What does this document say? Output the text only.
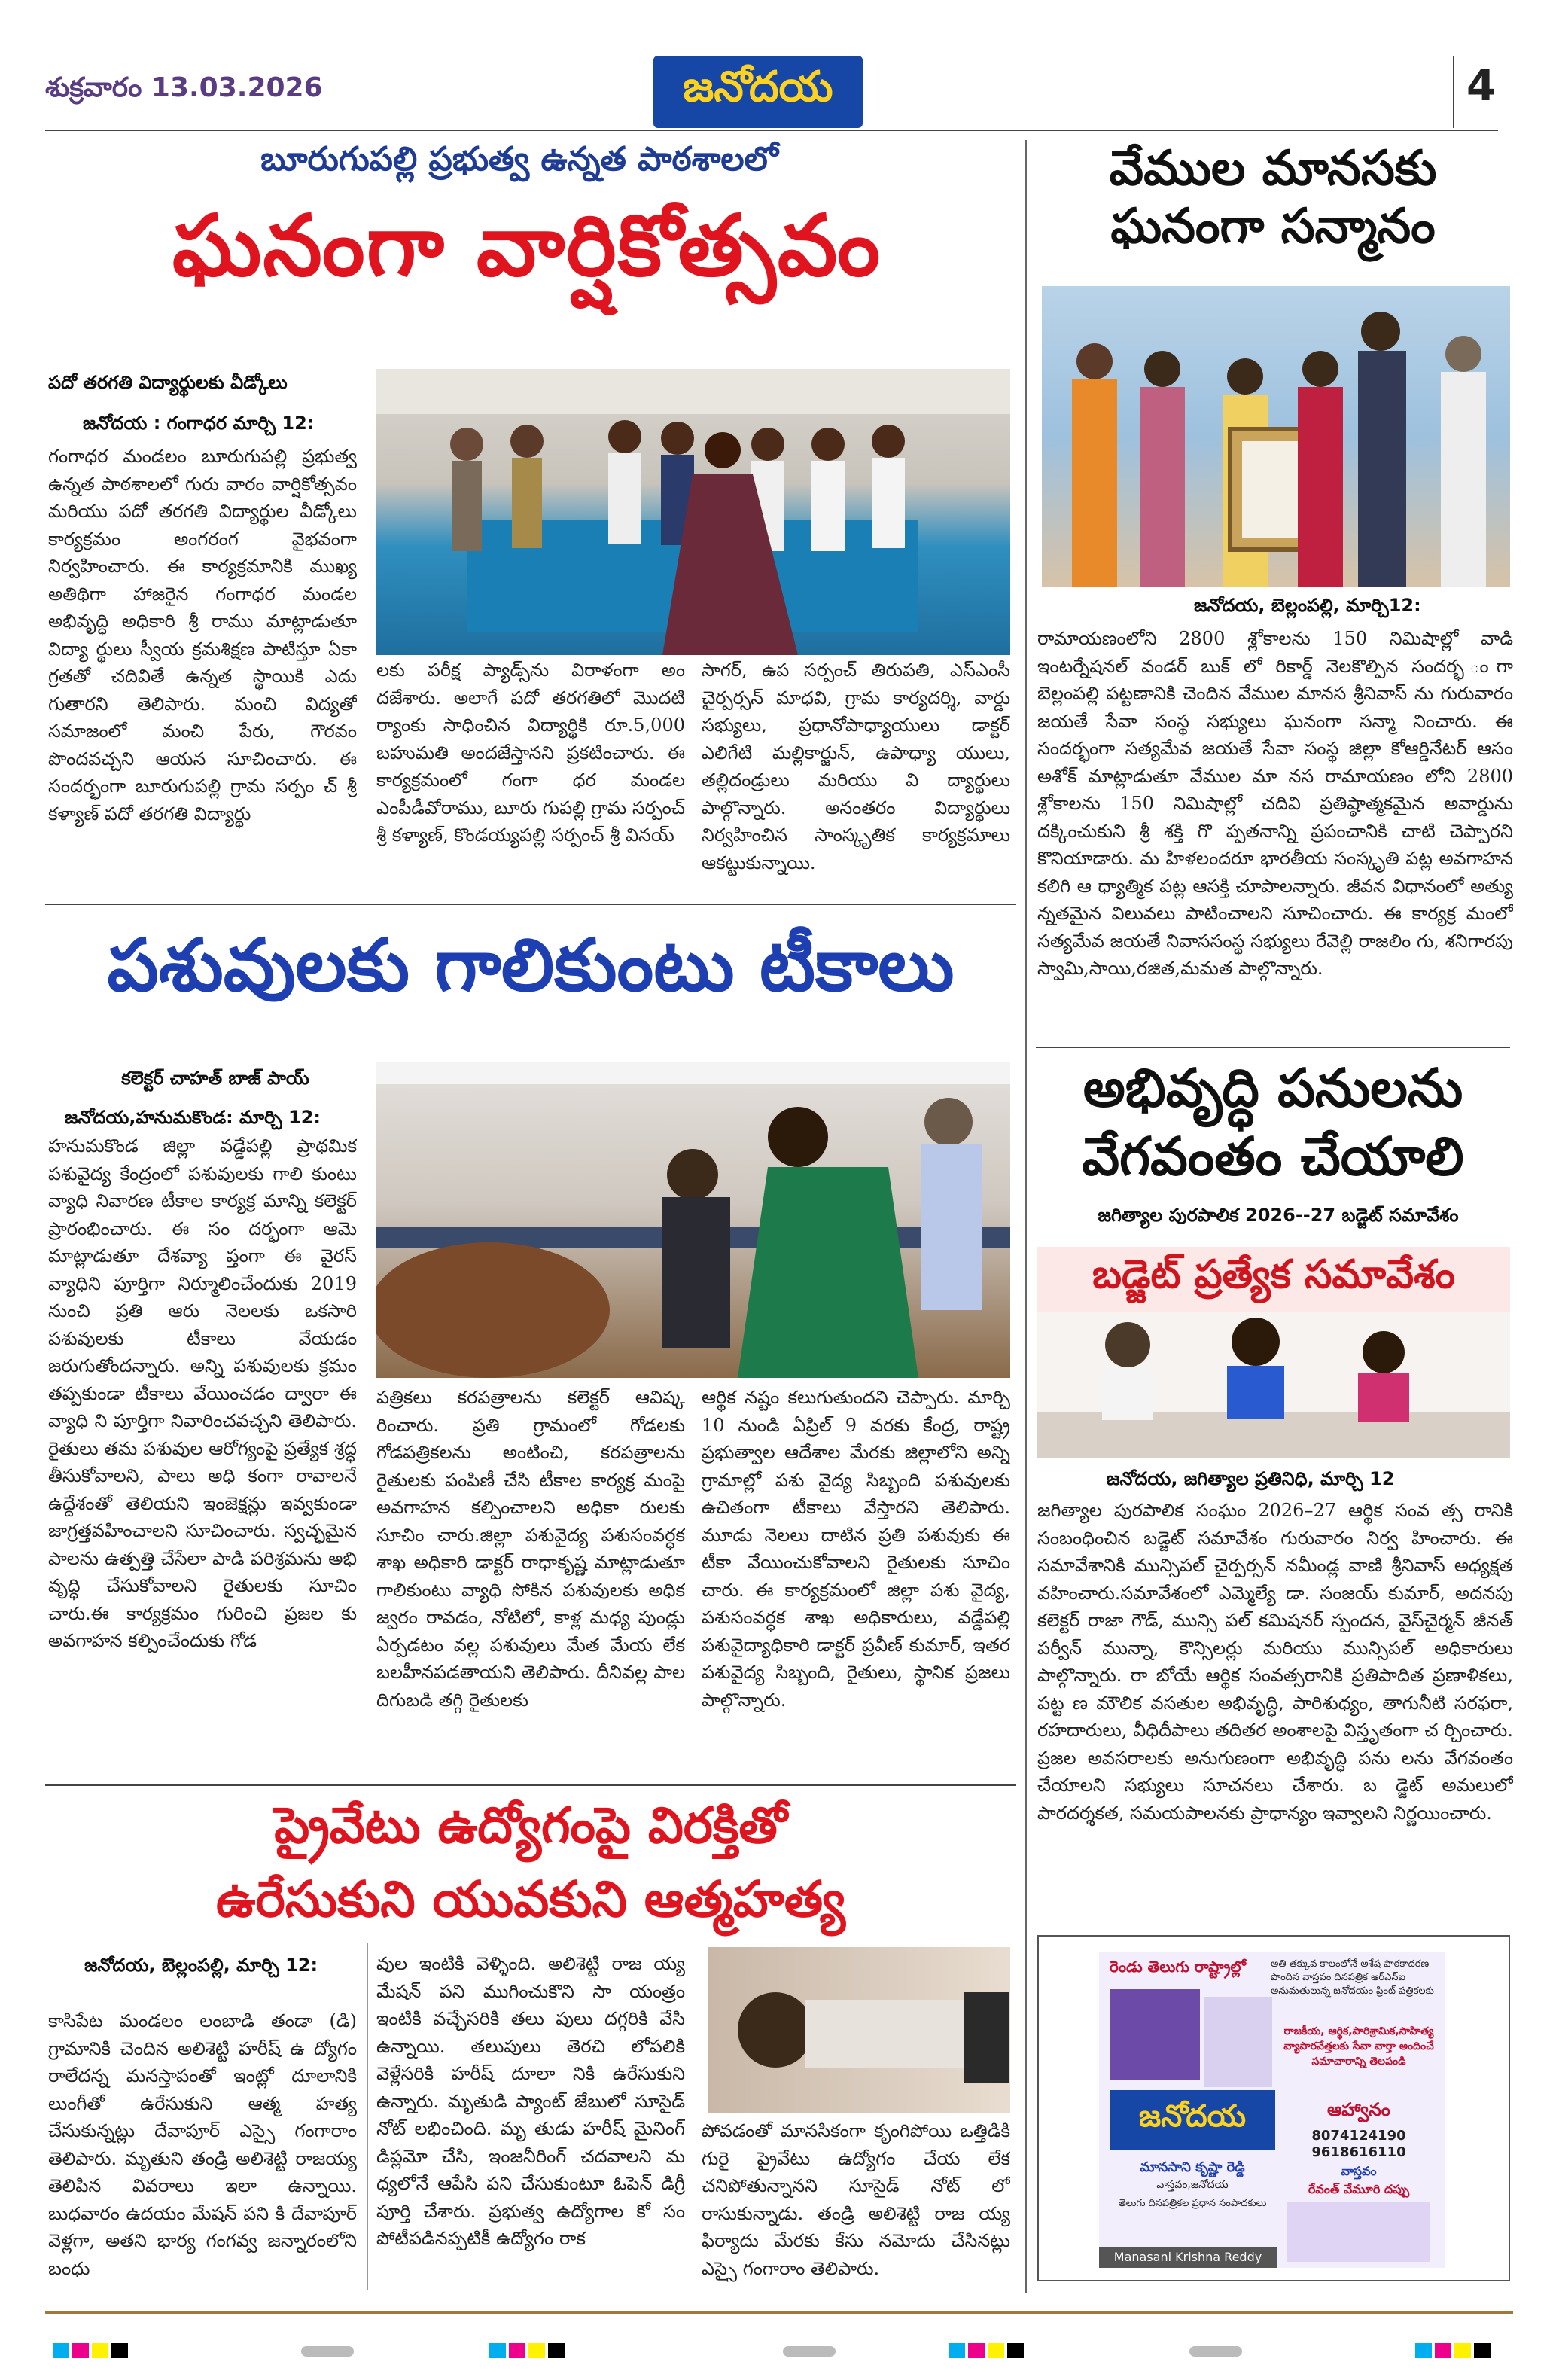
శుక్రవారం 13.03.2026	జనోదయ	4
బూరుగుపల్లి ప్రభుత్వ ఉన్నత పాఠశాలలో
ఘనంగా వార్షికోత్సవం
పదో తరగతి విద్యార్థులకు వీడ్కోలు
జనోదయ : గంగాధర మార్చి 12:
గంగాధర మండలం బూరుగుపల్లి ప్రభుత్వ ఉన్నత పాఠశాలలో గురు వారం వార్షికోత్సవం మరియు పదో తరగతి విద్యార్థుల వీడ్కోలు కార్యక్రమం అంగరంగ వైభవంగా నిర్వహించారు. ఈ కార్యక్రమానికి ముఖ్య అతిథిగా హాజరైన గంగాధర మండల అభివృద్ధి అధికారి శ్రీ రాము మాట్లాడుతూ విద్యా ర్థులు స్వీయ క్రమశిక్షణ పాటిస్తూ ఏకా గ్రతతో చదివితే ఉన్నత స్థాయికి ఎదు గుతారని తెలిపారు. మంచి విద్యతో సమాజంలో మంచి పేరు, గౌరవం పొందవచ్చని ఆయన సూచించారు. ఈ సందర్భంగా బూరుగుపల్లి గ్రామ సర్పం చ్ శ్రీ కళ్యాణ్ పదో తరగతి విద్యార్థు
లకు పరీక్ష ప్యాడ్స్‌ను విరాళంగా అం దజేశారు. అలాగే పదో తరగతిలో మొదటి ర్యాంకు సాధించిన విద్యార్థికి రూ.5,000 బహుమతి అందజేస్తానని ప్రకటించారు. ఈ కార్యక్రమంలో గంగా ధర మండల ఎంపీడీవోరాము, బూరు గుపల్లి గ్రామ సర్పంచ్ శ్రీ కళ్యాణ్, కొండయ్యపల్లి సర్పంచ్ శ్రీ వినయ్
సాగర్, ఉప సర్పంచ్ తిరుపతి, ఎస్ఎంసీ చైర్పర్సన్ మాధవి, గ్రామ కార్యదర్శి, వార్డు సభ్యులు, ప్రధానోపాధ్యాయులు డాక్టర్ ఎలిగేటి మల్లికార్జున్, ఉపాధ్యా యులు, తల్లిదండ్రులు మరియు వి ద్యార్థులు పాల్గొన్నారు. అనంతరం విద్యార్థులు నిర్వహించిన సాంస్కృతిక కార్యక్రమాలు ఆకట్టుకున్నాయి.
వేముల మానసకు ఘనంగా సన్మానం
జనోదయ, బెల్లంపల్లి, మార్చి12:
రామాయణంలోని 2800 శ్లోకాలను 150 నిమిషాల్లో వాడి ఇంటర్నేషనల్ వండర్ బుక్ లో రికార్డ్ నెలకొల్పిన సందర్భ ంగా బెల్లంపల్లి పట్టణానికి చెందిన వేముల మానస శ్రీనివాస్ ను గురువారం జయతే సేవా సంస్థ సభ్యులు ఘనంగా సన్మా నించారు. ఈ సందర్భంగా సత్యమేవ జయతే సేవా సంస్థ జిల్లా కోఆర్డినేటర్ ఆసం అశోక్ మాట్లాడుతూ వేముల మా నస రామాయణం లోని 2800 శ్లోకాలను 150 నిమిషాల్లో చదివి ప్రతిష్ఠాత్మకమైన అవార్డును దక్కించుకుని శ్రీ శక్తి గొ ప్పతనాన్ని ప్రపంచానికి చాటి చెప్పారని కొనియాడారు. మ హిళలందరూ భారతీయ సంస్కృతి పట్ల అవగాహన కలిగి ఆ ధ్యాత్మిక పట్ల ఆసక్తి చూపాలన్నారు. జీవన విధానంలో అత్యు న్నతమైన విలువలు పాటించాలని సూచించారు. ఈ కార్యక్ర మంలో సత్యమేవ జయతే నివాససంస్థ సభ్యులు రేవెల్లి రాజలిం గు, శనిగారపు స్వామి,సాయి,రజిత,మమత పాల్గొన్నారు.
పశువులకు గాలికుంటు టీకాలు
కలెక్టర్ చాహత్ బాజ్ పాయ్
జనోదయ,హనుమకొండ: మార్చి 12:
హనుమకొండ జిల్లా వడ్డేపల్లి ప్రాథమిక పశువైద్య కేంద్రంలో పశువులకు గాలి కుంటు వ్యాధి నివారణ టీకాల కార్యక్ర మాన్ని కలెక్టర్ ప్రారంభించారు. ఈ సం దర్భంగా ఆమె మాట్లాడుతూ దేశవ్యా ప్తంగా ఈ వైరస్ వ్యాధిని పూర్తిగా నిర్మూలించేందుకు 2019 నుంచి ప్రతి ఆరు నెలలకు ఒకసారి పశువులకు టీకాలు వేయడం జరుగుతోందన్నారు. అన్ని పశువులకు క్రమం తప్పకుండా టీకాలు వేయించడం ద్వారా ఈ వ్యాధి ని పూర్తిగా నివారించవచ్చని తెలిపారు. రైతులు తమ పశువుల ఆరోగ్యంపై ప్రత్యేక శ్రద్ధ తీసుకోవాలని, పాలు అధి కంగా రావాలనే ఉద్దేశంతో తెలియని ఇంజెక్షన్లు ఇవ్వకుండా జాగ్రత్తవహించాలని సూచించారు. స్వచ్ఛమైన పాలను ఉత్పత్తి చేసేలా పాడి పరిశ్రమను అభి వృద్ధి చేసుకోవాలని రైతులకు సూచిం చారు.ఈ కార్యక్రమం గురించి ప్రజల కు అవగాహన కల్పించేందుకు గోడ
పత్రికలు కరపత్రాలను కలెక్టర్ ఆవిష్క రించారు. ప్రతి గ్రామంలో గోడలకు గోడపత్రికలను అంటించి, కరపత్రాలను రైతులకు పంపిణీ చేసి టీకాల కార్యక్ర మంపై అవగాహన కల్పించాలని అధికా రులకు సూచిం చారు.జిల్లా పశువైద్య పశుసంవర్ధక శాఖ అధికారి డాక్టర్ రాధాకృష్ణ మాట్లాడుతూ గాలికుంటు వ్యాధి సోకిన పశువులకు అధిక జ్వరం రావడం, నోటిలో, కాళ్ల మధ్య పుండ్లు ఏర్పడటం వల్ల పశువులు మేత మేయ లేక బలహీనపడతాయని తెలిపారు. దీనివల్ల పాల దిగుబడి తగ్గి రైతులకు
ఆర్థిక నష్టం కలుగుతుందని చెప్పారు. మార్చి 10 నుండి ఏప్రిల్ 9 వరకు కేంద్ర, రాష్ట్ర ప్రభుత్వాల ఆదేశాల మేరకు జిల్లాలోని అన్ని గ్రామాల్లో పశు వైద్య సిబ్బంది పశువులకు ఉచితంగా టీకాలు వేస్తారని తెలిపారు. మూడు నెలలు దాటిన ప్రతి పశువుకు ఈ టీకా వేయించుకోవాలని రైతులకు సూచిం చారు. ఈ కార్యక్రమంలో జిల్లా పశు వైద్య, పశుసంవర్ధక శాఖ అధికారులు, వడ్డేపల్లి పశువైద్యాధికారి డాక్టర్ ప్రవీణ్ కుమార్, ఇతర పశువైద్య సిబ్బంది, రైతులు, స్థానిక ప్రజలు పాల్గొన్నారు.
అభివృద్ధి పనులను వేగవంతం చేయాలి
జగిత్యాల పురపాలిక 2026--27 బడ్జెట్ సమావేశం
బడ్జెట్ ప్రత్యేక సమావేశం
జనోదయ, జగిత్యాల ప్రతినిధి, మార్చి 12
జగిత్యాల పురపాలిక సంఘం 2026–27 ఆర్థిక సంవ త్స రానికి సంబంధించిన బడ్జెట్ సమావేశం గురువారం నిర్వ హించారు. ఈ సమావేశానికి మున్సిపల్ చైర్పర్సన్ నమీండ్ల వాణి శ్రీనివాస్ అధ్యక్షత వహించారు.సమావేశంలో ఎమ్మెల్యే డా. సంజయ్ కుమార్, అదనపు కలెక్టర్ రాజా గౌడ్, మున్సి పల్ కమిషనర్ స్పందన, వైస్‌చైర్మన్ జీనత్ పర్వీన్ మున్నా, కౌన్సిలర్లు మరియు మున్సిపల్ అధికారులు పాల్గొన్నారు. రా బోయే ఆర్థిక సంవత్సరానికి ప్రతిపాదిత ప్రణాళికలు, పట్ట ణ మౌలిక వసతుల అభివృద్ధి, పారిశుధ్యం, తాగునీటి సరఫరా, రహదారులు, వీధిదీపాలు తదితర అంశాలపై విస్తృతంగా చ ర్చించారు. ప్రజల అవసరాలకు అనుగుణంగా అభివృద్ధి పను లను వేగవంతం చేయాలని సభ్యులు సూచనలు చేశారు. బ డ్జెట్ అమలులో పారదర్శకత, సమయపాలనకు ప్రాధాన్యం ఇవ్వాలని నిర్ణయించారు.
ప్రైవేటు ఉద్యోగంపై విరక్తితో
ఉరేసుకుని యువకుని ఆత్మహత్య
జనోదయ, బెల్లంపల్లి, మార్చి 12:
కాసిపేట మండలం లంబాడి తండా (డి) గ్రామానికి చెందిన అలిశెట్టి హరీష్ ఉ ద్యోగం రాలేదన్న మనస్తాపంతో ఇంట్లో దూలానికి లుంగీతో ఉరేసుకుని ఆత్మ హత్య చేసుకున్నట్లు దేవాపూర్ ఎస్సై గంగారాం తెలిపారు. మృతుని తండ్రి అలిశెట్టి రాజయ్య తెలిపిన వివరాలు ఇలా ఉన్నాయి. బుధవారం ఉదయం మేషన్ పని కి దేవాపూర్ వెళ్లగా, అతని భార్య గంగవ్వ జన్నారంలోని బంధు
వుల ఇంటికి వెళ్ళింది. అలిశెట్టి రాజ య్య మేషన్ పని ముగించుకొని సా యంత్రం ఇంటికి వచ్చేసరికి తలు పులు దగ్గరికి వేసి ఉన్నాయి. తలుపులు తెరచి లోపలికి వెళ్లేసరికి హరీష్ దూలా నికి ఉరేసుకుని ఉన్నారు. మృతుడి ప్యాంట్ జేబులో సూసైడ్ నోట్ లభించింది. మృ తుడు హరీష్ మైనింగ్ డిప్లమో చేసి, ఇంజనీరింగ్ చదవాలని మ ధ్యలోనే ఆపేసి పని చేసుకుంటూ ఓపెన్ డిగ్రీ పూర్తి చేశారు. ప్రభుత్వ ఉద్యోగాల కో సం పోటీపడినప్పటికీ ఉద్యోగం రాక
పోవడంతో మానసికంగా కృంగిపోయి ఒత్తిడికి గురై ప్రైవేటు ఉద్యోగం చేయ లేక చనిపోతున్నానని సూసైడ్ నోట్ లో రాసుకున్నాడు. తండ్రి అలిశెట్టి రాజ య్య ఫిర్యాదు మేరకు కేసు నమోదు చేసినట్లు ఎస్సై గంగారాం తెలిపారు.
రెండు తెలుగు రాష్ట్రాల్లో	అతి తక్కువ కాలంలోనే అశేష పాఠకాదరణ పొందిన వాస్తవం దినపత్రిక ఆర్ఎన్ఐ అనుమతులున్న జనోదయం ప్రింట్ పత్రికలకు
రాజకీయ, ఆర్థిక,పారిశ్రామిక,సాహిత్య వ్యాపారవేత్తలకు సేవా వార్తా అందించే సమాచారాన్ని తెలపండి
ఆహ్వానం
8074124190
9618616110
జనోదయ
మానసాని కృష్ణా రెడ్డి
వాస్తవం,జనోదయ
తెలుగు దినపత్రికల ప్రధాన సంపాదకులు
వాస్తవం
రేవంత్ వేమూరి దప్పు
Manasani Krishna Reddy
